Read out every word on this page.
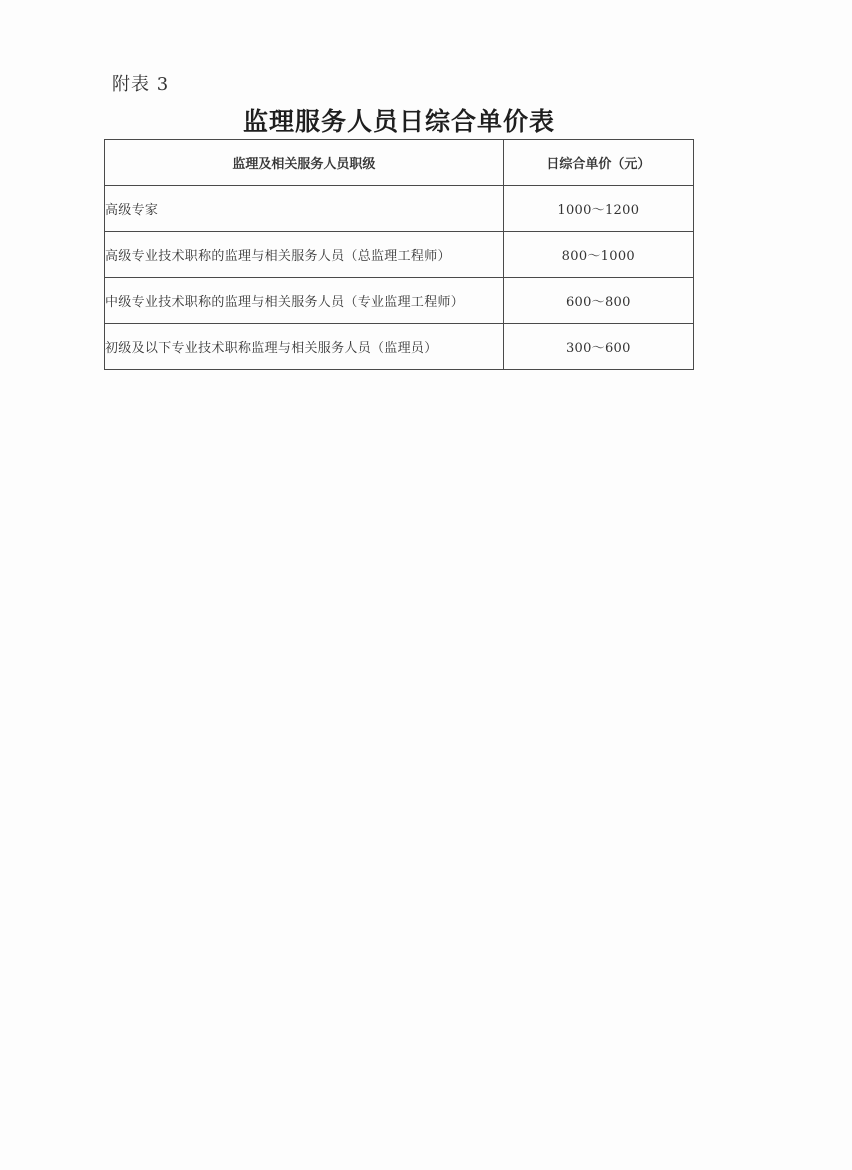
附表 3
监理服务人员日综合单价表
监理及相关服务人员职级	日综合单价（元）
高级专家	1000～1200
高级专业技术职称的监理与相关服务人员（总监理工程师）	800～1000
中级专业技术职称的监理与相关服务人员（专业监理工程师）	600～800
初级及以下专业技术职称监理与相关服务人员（监理员）	300～600
